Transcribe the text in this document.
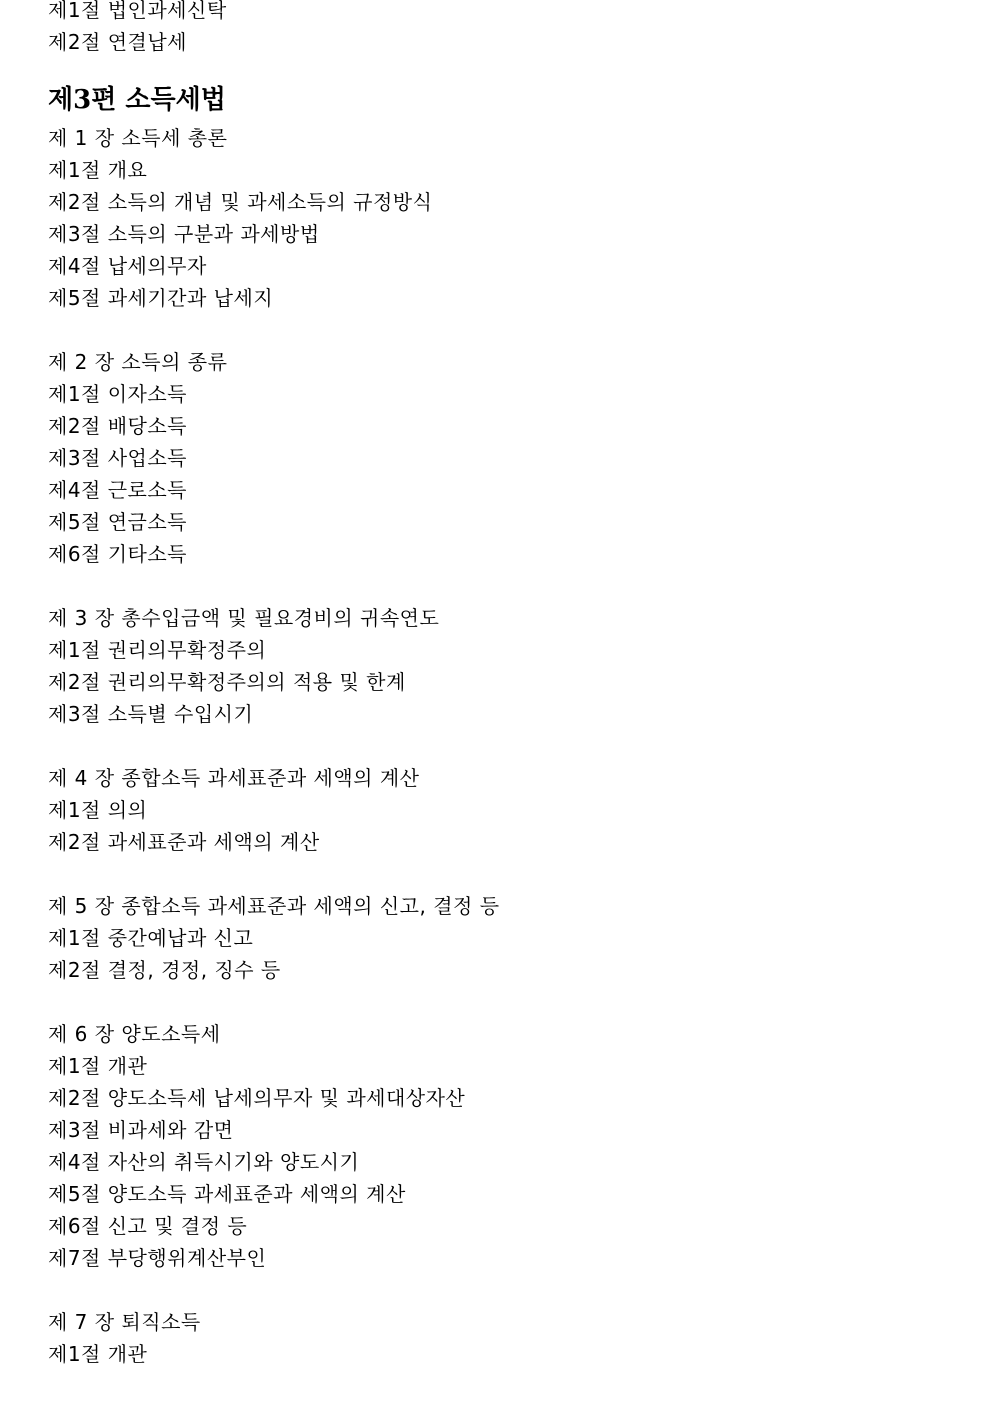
제1절 법인과세신탁
제2절 연결납세
제3편 소득세법
제 1 장 소득세 총론
제1절 개요
제2절 소득의 개념 및 과세소득의 규정방식
제3절 소득의 구분과 과세방법
제4절 납세의무자
제5절 과세기간과 납세지
제 2 장 소득의 종류
제1절 이자소득
제2절 배당소득
제3절 사업소득
제4절 근로소득
제5절 연금소득
제6절 기타소득
제 3 장 총수입금액 및 필요경비의 귀속연도
제1절 권리의무확정주의
제2절 권리의무확정주의의 적용 및 한계
제3절 소득별 수입시기
제 4 장 종합소득 과세표준과 세액의 계산
제1절 의의
제2절 과세표준과 세액의 계산
제 5 장 종합소득 과세표준과 세액의 신고, 결정 등
제1절 중간예납과 신고
제2절 결정, 경정, 징수 등
제 6 장 양도소득세
제1절 개관
제2절 양도소득세 납세의무자 및 과세대상자산
제3절 비과세와 감면
제4절 자산의 취득시기와 양도시기
제5절 양도소득 과세표준과 세액의 계산
제6절 신고 및 결정 등
제7절 부당행위계산부인
제 7 장 퇴직소득
제1절 개관
